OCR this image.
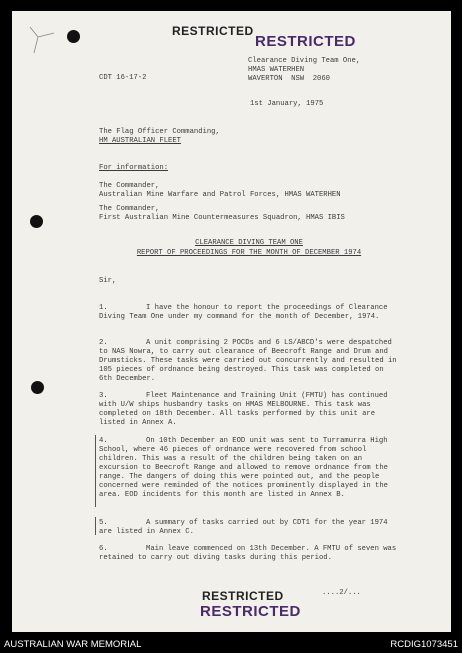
RESTRICTED
RESTRICTED
Clearance Diving Team One,
HMAS WATERHEN
WAVERTON  NSW  2060
CDT 16-17-2
1st January, 1975
The Flag Officer Commanding,
HM AUSTRALIAN FLEET
For information:
The Commander,
Australian Mine Warfare and Patrol Forces, HMAS WATERHEN
The Commander,
First Australian Mine Countermeasures Squadron, HMAS IBIS
CLEARANCE DIVING TEAM ONE
REPORT OF PROCEEDINGS FOR THE MONTH OF DECEMBER 1974
Sir,
1.	I have the honour to report the proceedings of Clearance Diving Team One under my command for the month of December, 1974.
2.	A unit comprising 2 POCDs and 6 LS/ABCD's were despatched to NAS Nowra, to carry out clearance of Beecroft Range and Drum and Drumsticks. These tasks were carried out concurrently and resulted in 105 pieces of ordnance being destroyed. This task was completed on 6th December.
3.	Fleet Maintenance and Training Unit (FMTU) has continued with U/W ships husbandry tasks on HMAS MELBOURNE. This task was completed on 18th December. All tasks performed by this unit are listed in Annex A.
4.	On 10th December an EOD unit was sent to Turramurra High School, where 46 pieces of ordnance were recovered from school children. This was a result of the children being taken on an excursion to Beecroft Range and allowed to remove ordnance from the range. The dangers of doing this were pointed out, and the people concerned were reminded of the notices prominently displayed in the area. EOD incidents for this month are listed in Annex B.
5.	A summary of tasks carried out by CDT1 for the year 1974 are listed in Annex C.
6.	Main leave commenced on 13th December. A FMTU of seven was retained to carry out diving tasks during this period.
RESTRICTED
RESTRICTED
....2/...
AUSTRALIAN WAR MEMORIAL	RCDIG1073451
